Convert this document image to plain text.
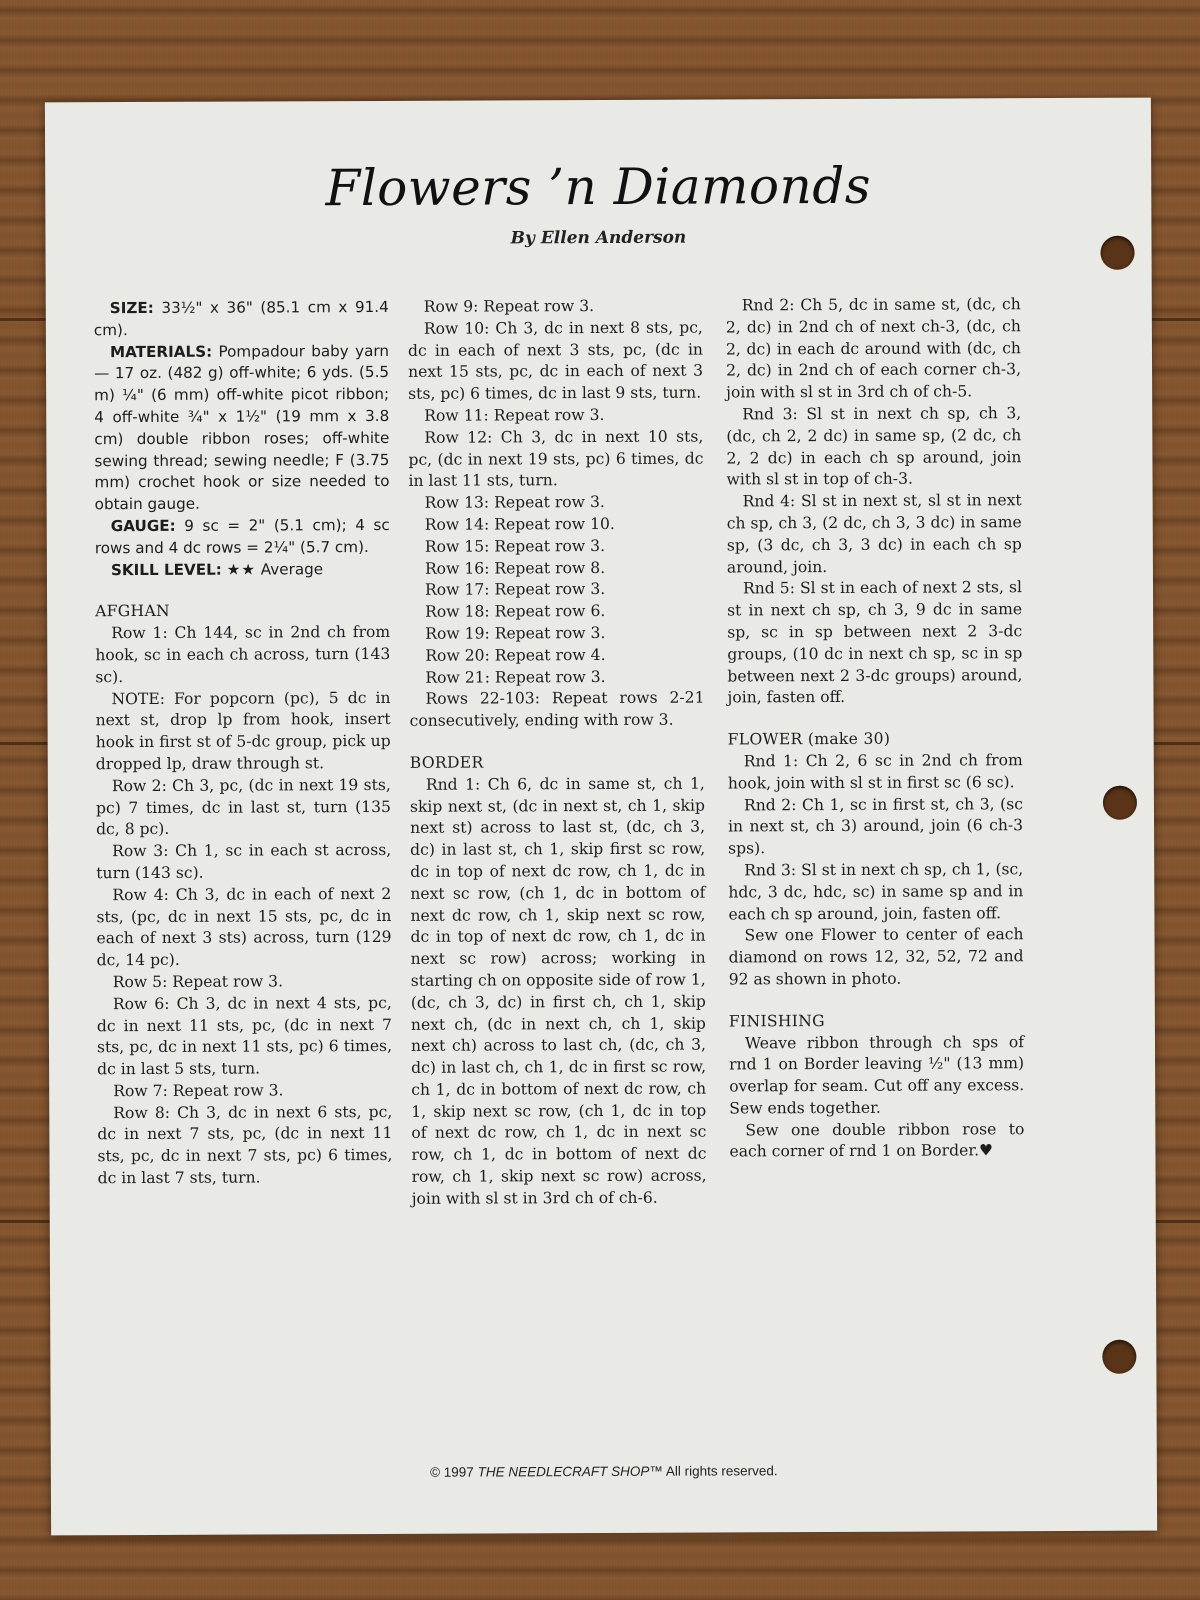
Flowers ’n Diamonds
By Ellen Anderson

SIZE: 33½" x 36" (85.1 cm x 91.4 cm).

MATERIALS: Pompadour baby yarn — 17 oz. (482 g) off-white; 6 yds. (5.5 m) ¼" (6 mm) off-white picot ribbon; 4 off-white ¾" x 1½" (19 mm x 3.8 cm) double ribbon roses; off-white sewing thread; sewing needle; F (3.75 mm) crochet hook or size needed to obtain gauge.

GAUGE: 9 sc = 2" (5.1 cm); 4 sc rows and 4 dc rows = 2¼" (5.7 cm).

SKILL LEVEL: ★★ Average

AFGHAN

Row 1: Ch 144, sc in 2nd ch from hook, sc in each ch across, turn (143 sc).

NOTE: For popcorn (pc), 5 dc in next st, drop lp from hook, insert hook in first st of 5-dc group, pick up dropped lp, draw through st.

Row 2: Ch 3, pc, (dc in next 19 sts, pc) 7 times, dc in last st, turn (135 dc, 8 pc).

Row 3: Ch 1, sc in each st across, turn (143 sc).

Row 4: Ch 3, dc in each of next 2 sts, (pc, dc in next 15 sts, pc, dc in each of next 3 sts) across, turn (129 dc, 14 pc).

Row 5: Repeat row 3.

Row 6: Ch 3, dc in next 4 sts, pc, dc in next 11 sts, pc, (dc in next 7 sts, pc, dc in next 11 sts, pc) 6 times, dc in last 5 sts, turn.

Row 7: Repeat row 3.

Row 8: Ch 3, dc in next 6 sts, pc, dc in next 7 sts, pc, (dc in next 11 sts, pc, dc in next 7 sts, pc) 6 times, dc in last 7 sts, turn.

Row 9: Repeat row 3.

Row 10: Ch 3, dc in next 8 sts, pc, dc in each of next 3 sts, pc, (dc in next 15 sts, pc, dc in each of next 3 sts, pc) 6 times, dc in last 9 sts, turn.

Row 11: Repeat row 3.

Row 12: Ch 3, dc in next 10 sts, pc, (dc in next 19 sts, pc) 6 times, dc in last 11 sts, turn.

Row 13: Repeat row 3.

Row 14: Repeat row 10.

Row 15: Repeat row 3.

Row 16: Repeat row 8.

Row 17: Repeat row 3.

Row 18: Repeat row 6.

Row 19: Repeat row 3.

Row 20: Repeat row 4.

Row 21: Repeat row 3.

Rows 22-103: Repeat rows 2-21 consecutively, ending with row 3.

BORDER

Rnd 1: Ch 6, dc in same st, ch 1, skip next st, (dc in next st, ch 1, skip next st) across to last st, (dc, ch 3, dc) in last st, ch 1, skip first sc row, dc in top of next dc row, ch 1, dc in next sc row, (ch 1, dc in bottom of next dc row, ch 1, skip next sc row, dc in top of next dc row, ch 1, dc in next sc row) across; working in starting ch on opposite side of row 1, (dc, ch 3, dc) in first ch, ch 1, skip next ch, (dc in next ch, ch 1, skip next ch) across to last ch, (dc, ch 3, dc) in last ch, ch 1, dc in first sc row, ch 1, dc in bottom of next dc row, ch 1, skip next sc row, (ch 1, dc in top of next dc row, ch 1, dc in next sc row, ch 1, dc in bottom of next dc row, ch 1, skip next sc row) across, join with sl st in 3rd ch of ch-6.

Rnd 2: Ch 5, dc in same st, (dc, ch 2, dc) in 2nd ch of next ch-3, (dc, ch 2, dc) in each dc around with (dc, ch 2, dc) in 2nd ch of each corner ch-3, join with sl st in 3rd ch of ch-5.

Rnd 3: Sl st in next ch sp, ch 3, (dc, ch 2, 2 dc) in same sp, (2 dc, ch 2, 2 dc) in each ch sp around, join with sl st in top of ch-3.

Rnd 4: Sl st in next st, sl st in next ch sp, ch 3, (2 dc, ch 3, 3 dc) in same sp, (3 dc, ch 3, 3 dc) in each ch sp around, join.

Rnd 5: Sl st in each of next 2 sts, sl st in next ch sp, ch 3, 9 dc in same sp, sc in sp between next 2 3-dc groups, (10 dc in next ch sp, sc in sp between next 2 3-dc groups) around, join, fasten off.

FLOWER (make 30)

Rnd 1: Ch 2, 6 sc in 2nd ch from hook, join with sl st in first sc (6 sc).

Rnd 2: Ch 1, sc in first st, ch 3, (sc in next st, ch 3) around, join (6 ch-3 sps).

Rnd 3: Sl st in next ch sp, ch 1, (sc, hdc, 3 dc, hdc, sc) in same sp and in each ch sp around, join, fasten off.

Sew one Flower to center of each diamond on rows 12, 32, 52, 72 and 92 as shown in photo.

FINISHING

Weave ribbon through ch sps of rnd 1 on Border leaving ½" (13 mm) overlap for seam. Cut off any excess. Sew ends together.

Sew one double ribbon rose to each corner of rnd 1 on Border.♥

© 1997 THE NEEDLECRAFT SHOP™ All rights reserved.
